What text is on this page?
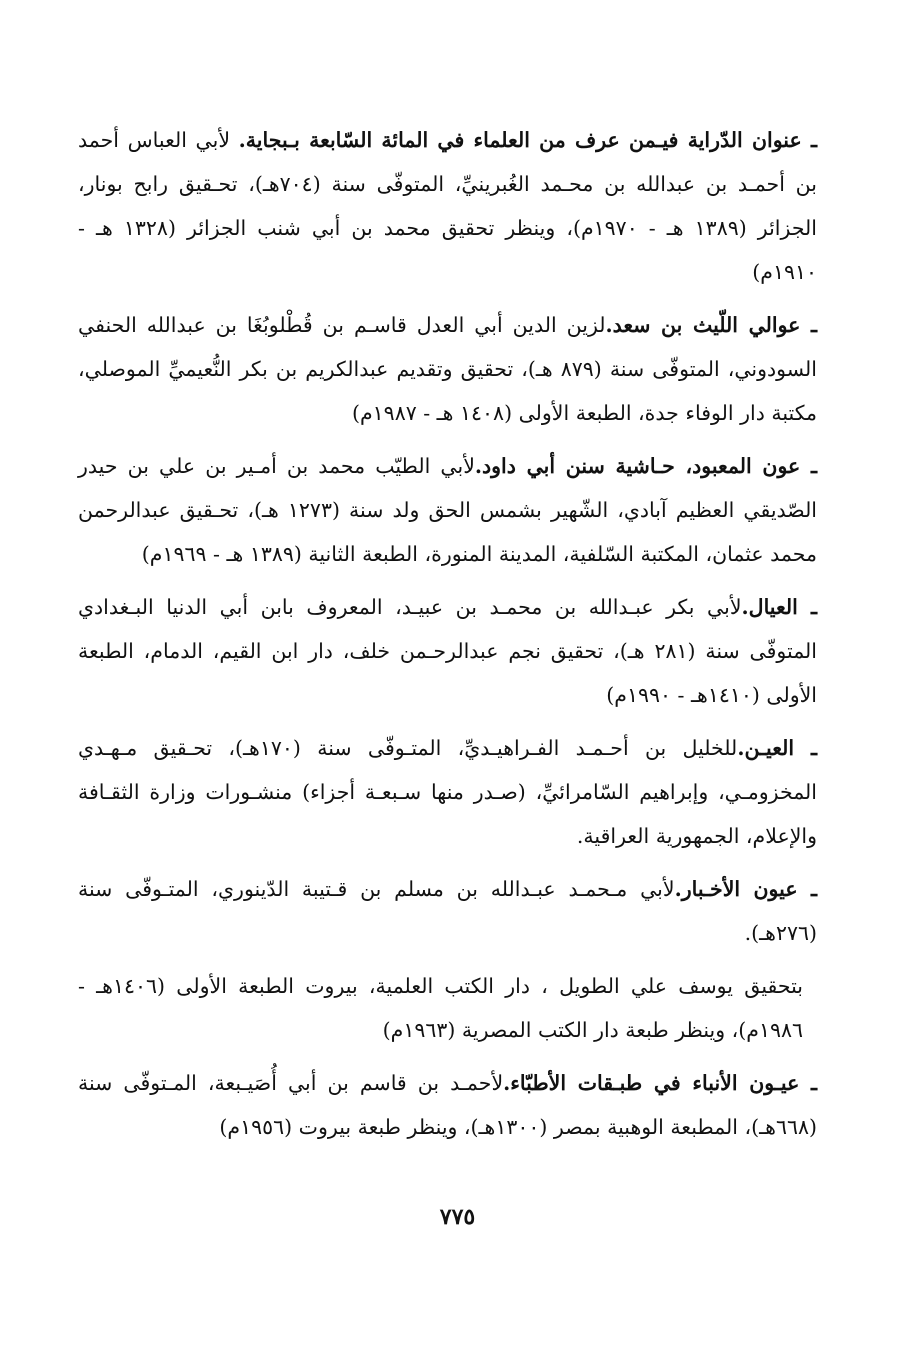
ـ عنوان الدّراية فيـمن عرف من العلماء في المائة السّابعة بـبجاية. لأبي العباس أحمد بن أحمـد بن عبدالله بن محـمد الغُبرينيِّ، المتوفّى سنة (٧٠٤هـ)، تحـقيق رابح بونار، الجزائر (١٣٨٩ هـ - ١٩٧٠م)، وينظر تحقيق محمد بن أبي شنب الجزائر (١٣٢٨ هـ - ١٩١٠م)

ـ عوالي اللّيث بن سعد.لزين الدين أبي العدل قاسـم بن قُطْلوبُغَا بن عبدالله الحنفي السودوني، المتوفّى سنة (٨٧٩ هـ)، تحقيق وتقديم عبدالكريم بن بكر النُّعيميِّ الموصلي، مكتبة دار الوفاء جدة، الطبعة الأولى (١٤٠٨ هـ - ١٩٨٧م)

ـ عون المعبود، حـاشية سنن أبي داود.لأبي الطيّب محمد بن أمـير بن علي بن حيدر الصّديقي العظيم آبادي، الشّهير بشمس الحق ولد سنة (١٢٧٣ هـ)، تحـقيق عبدالرحمن محمد عثمان، المكتبة السّلفية، المدينة المنورة، الطبعة الثانية (١٣٨٩ هـ - ١٩٦٩م)

ـ العيال.لأبي بكر عبـدالله بن محمـد بن عبيـد، المعروف بابن أبي الدنيا البـغدادي المتوفّى سنة (٢٨١ هـ)، تحقيق نجم عبدالرحـمن خلف، دار ابن القيم، الدمام، الطبعة الأولى (١٤١٠هـ - ١٩٩٠م)

ـ العيـن.للخليل بن أحـمـد الفـراهيـديِّ، المتـوفّى سنة (١٧٠هـ)، تحـقيق مـهـدي المخزومـي، وإبراهيم السّامرائيِّ، (صـدر منها سـبعـة أجزاء) منشـورات وزارة الثقـافة والإعلام، الجمهورية العراقية.

ـ عيون الأخـبار.لأبي مـحمـد عبـدالله بن مسلم بن قـتيبة الدّينوري، المتـوفّى سنة (٢٧٦هـ).

بتحقيق يوسف علي الطويل ، دار الكتب العلمية، بيروت الطبعة الأولى (١٤٠٦هـ - ١٩٨٦م)، وينظر طبعة دار الكتب المصرية (١٩٦٣م)

ـ عيـون الأنباء في طبـقات الأطبّاء.لأحمـد بن قاسم بن أبي أُصَيـبعة، المـتوفّى سنة (٦٦٨هـ)، المطبعة الوهبية بمصر (١٣٠٠هـ)، وينظر طبعة بيروت (١٩٥٦م)

٧٧٥
